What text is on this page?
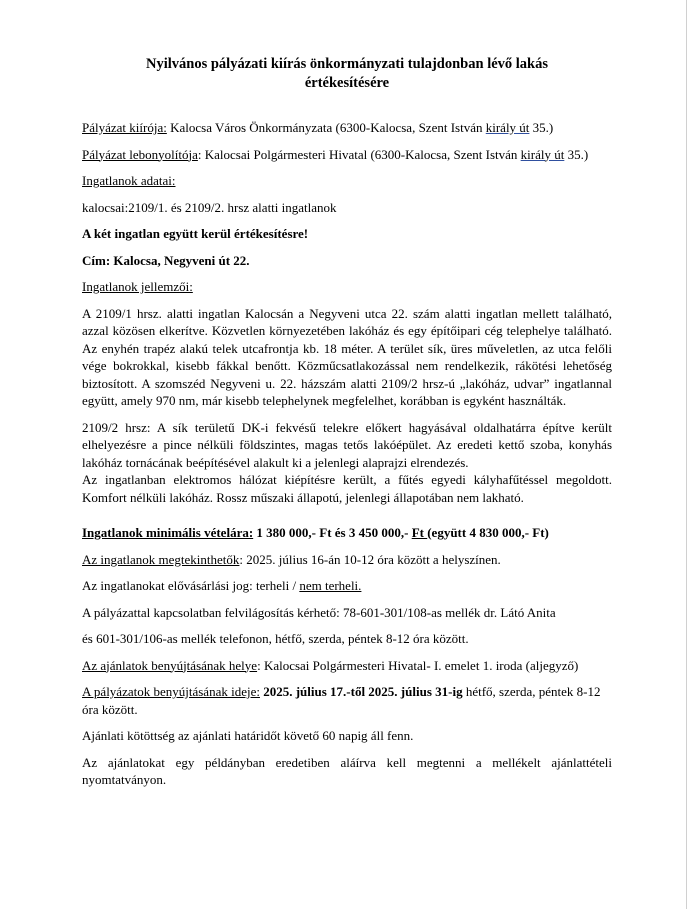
Nyilvános pályázati kiírás önkormányzati tulajdonban lévő lakás
értékesítésére

Pályázat kiírója: Kalocsa Város Önkormányzata (6300-Kalocsa, Szent István király út 35.)

Pályázat lebonyolítója: Kalocsai Polgármesteri Hivatal (6300-Kalocsa, Szent István király út 35.)

Ingatlanok adatai:

kalocsai:2109/1. és 2109/2. hrsz alatti ingatlanok

A két ingatlan együtt kerül értékesítésre!

Cím: Kalocsa, Negyveni út 22.

Ingatlanok jellemzői:

A 2109/1 hrsz. alatti ingatlan Kalocsán a Negyveni utca 22. szám alatti ingatlan mellett található, azzal közösen elkerítve. Közvetlen környezetében lakóház és egy építőipari cég telephelye található. Az enyhén trapéz alakú telek utcafrontja kb. 18 méter. A terület sík, üres műveletlen, az utca felőli vége bokrokkal, kisebb fákkal benőtt. Közműcsatlakozással nem rendelkezik, rákötési lehetőség biztosított. A szomszéd Negyveni u. 22. házszám alatti 2109/2 hrsz-ú „lakóház, udvar” ingatlannal együtt, amely 970 nm, már kisebb telephelynek megfelelhet, korábban is egyként használták.

2109/2 hrsz: A sík területű DK-i fekvésű telekre előkert hagyásával oldalhatárra építve került elhelyezésre a pince nélküli földszintes, magas tetős lakóépület. Az eredeti kettő szoba, konyhás lakóház tornácának beépítésével alakult ki a jelenlegi alaprajzi elrendezés.

Az ingatlanban elektromos hálózat kiépítésre került, a fűtés egyedi kályhafűtéssel megoldott. Komfort nélküli lakóház. Rossz műszaki állapotú, jelenlegi állapotában nem lakható.

Ingatlanok minimális vételára: 1 380 000,- Ft és 3 450 000,- Ft (együtt 4 830 000,- Ft)

Az ingatlanok megtekinthetők: 2025. július 16-án 10-12 óra között a helyszínen.

Az ingatlanokat elővásárlási jog: terheli / nem terheli.

A pályázattal kapcsolatban felvilágosítás kérhető: 78-601-301/108-as mellék dr. Látó Anita

és 601-301/106-as mellék telefonon, hétfő, szerda, péntek 8-12 óra között.

Az ajánlatok benyújtásának helye: Kalocsai Polgármesteri Hivatal- I. emelet 1. iroda (aljegyző)

A pályázatok benyújtásának ideje: 2025. július 17.-től 2025. július 31-ig hétfő, szerda, péntek 8-12 óra között.

Ajánlati kötöttség az ajánlati határidőt követő 60 napig áll fenn.

Az ajánlatokat egy példányban eredetiben aláírva kell megtenni a mellékelt ajánlattételi nyomtatványon.
